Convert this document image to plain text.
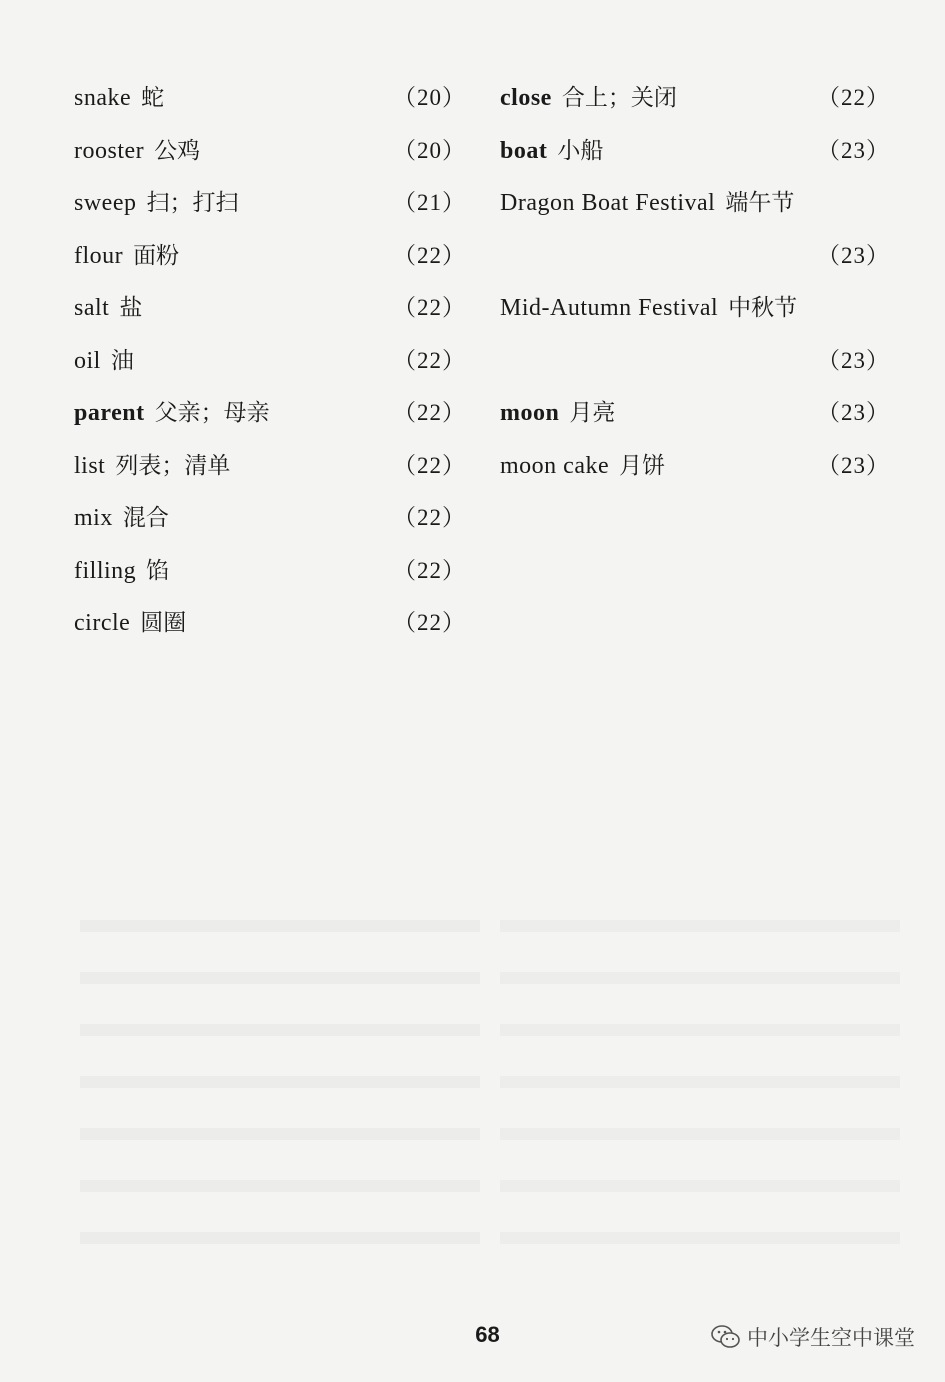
snake 蛇	（20）
rooster 公鸡	（20）
sweep 扫；打扫	（21）
flour 面粉	（22）
salt 盐	（22）
oil 油	（22）
parent 父亲；母亲	（22）
list 列表；清单	（22）
mix 混合	（22）
filling 馅	（22）
circle 圆圈	（22）
close 合上；关闭	（22）
boat 小船	（23）
Dragon Boat Festival 端午节
（23）
Mid-Autumn Festival 中秋节
（23）
moon 月亮	（23）
moon cake 月饼	（23）
68	中小学生空中课堂
